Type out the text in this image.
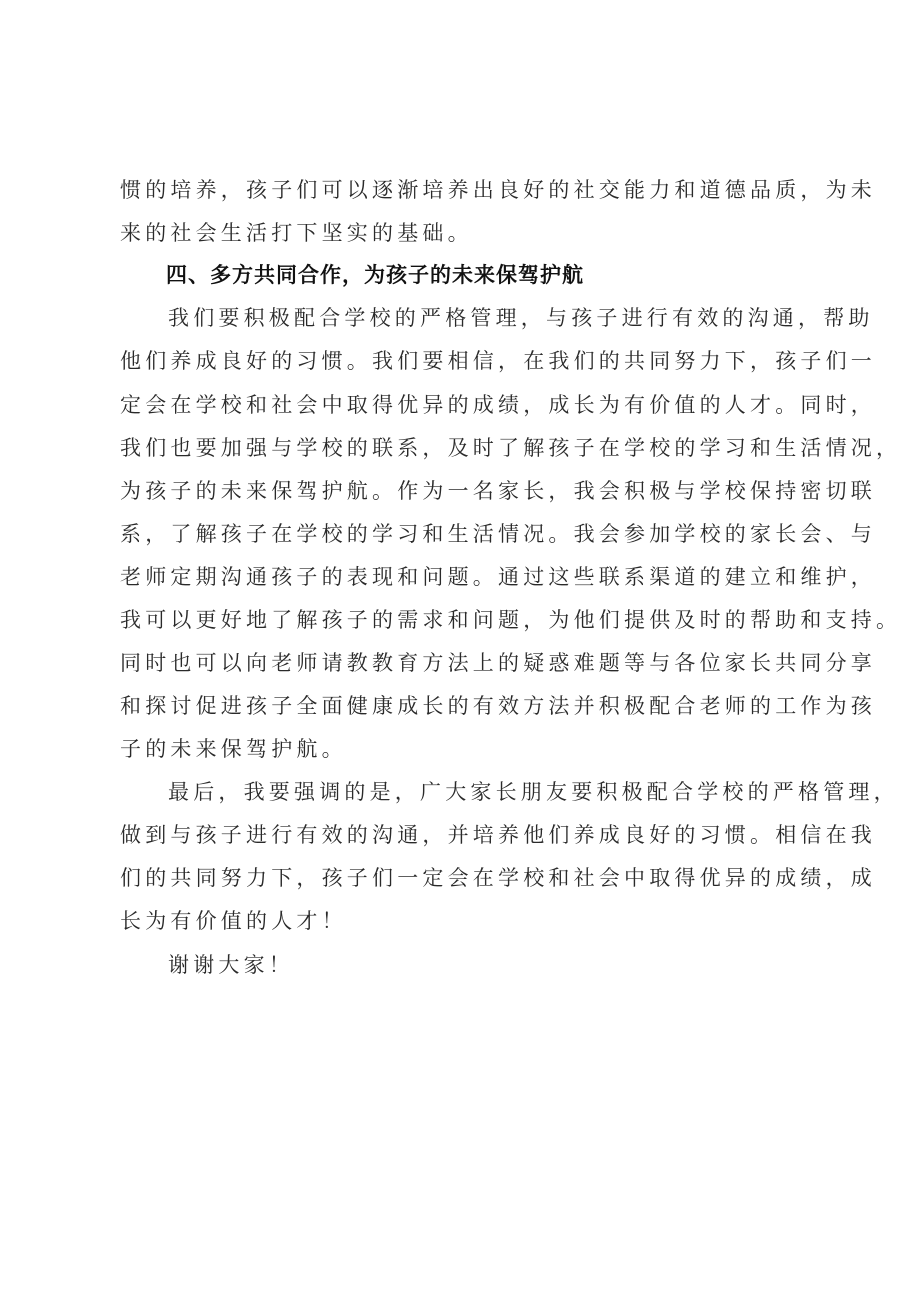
惯的培养，孩子们可以逐渐培养出良好的社交能力和道德品质，为未
来的社会生活打下坚实的基础。
四、多方共同合作，为孩子的未来保驾护航
我们要积极配合学校的严格管理，与孩子进行有效的沟通，帮助
他们养成良好的习惯。我们要相信，在我们的共同努力下，孩子们一
定会在学校和社会中取得优异的成绩，成长为有价值的人才。同时，
我们也要加强与学校的联系，及时了解孩子在学校的学习和生活情况，
为孩子的未来保驾护航。作为一名家长，我会积极与学校保持密切联
系，了解孩子在学校的学习和生活情况。我会参加学校的家长会、与
老师定期沟通孩子的表现和问题。通过这些联系渠道的建立和维护，
我可以更好地了解孩子的需求和问题，为他们提供及时的帮助和支持。
同时也可以向老师请教教育方法上的疑惑难题等与各位家长共同分享
和探讨促进孩子全面健康成长的有效方法并积极配合老师的工作为孩
子的未来保驾护航。
最后，我要强调的是，广大家长朋友要积极配合学校的严格管理，
做到与孩子进行有效的沟通，并培养他们养成良好的习惯。相信在我
们的共同努力下，孩子们一定会在学校和社会中取得优异的成绩，成
长为有价值的人才！
谢谢大家！
